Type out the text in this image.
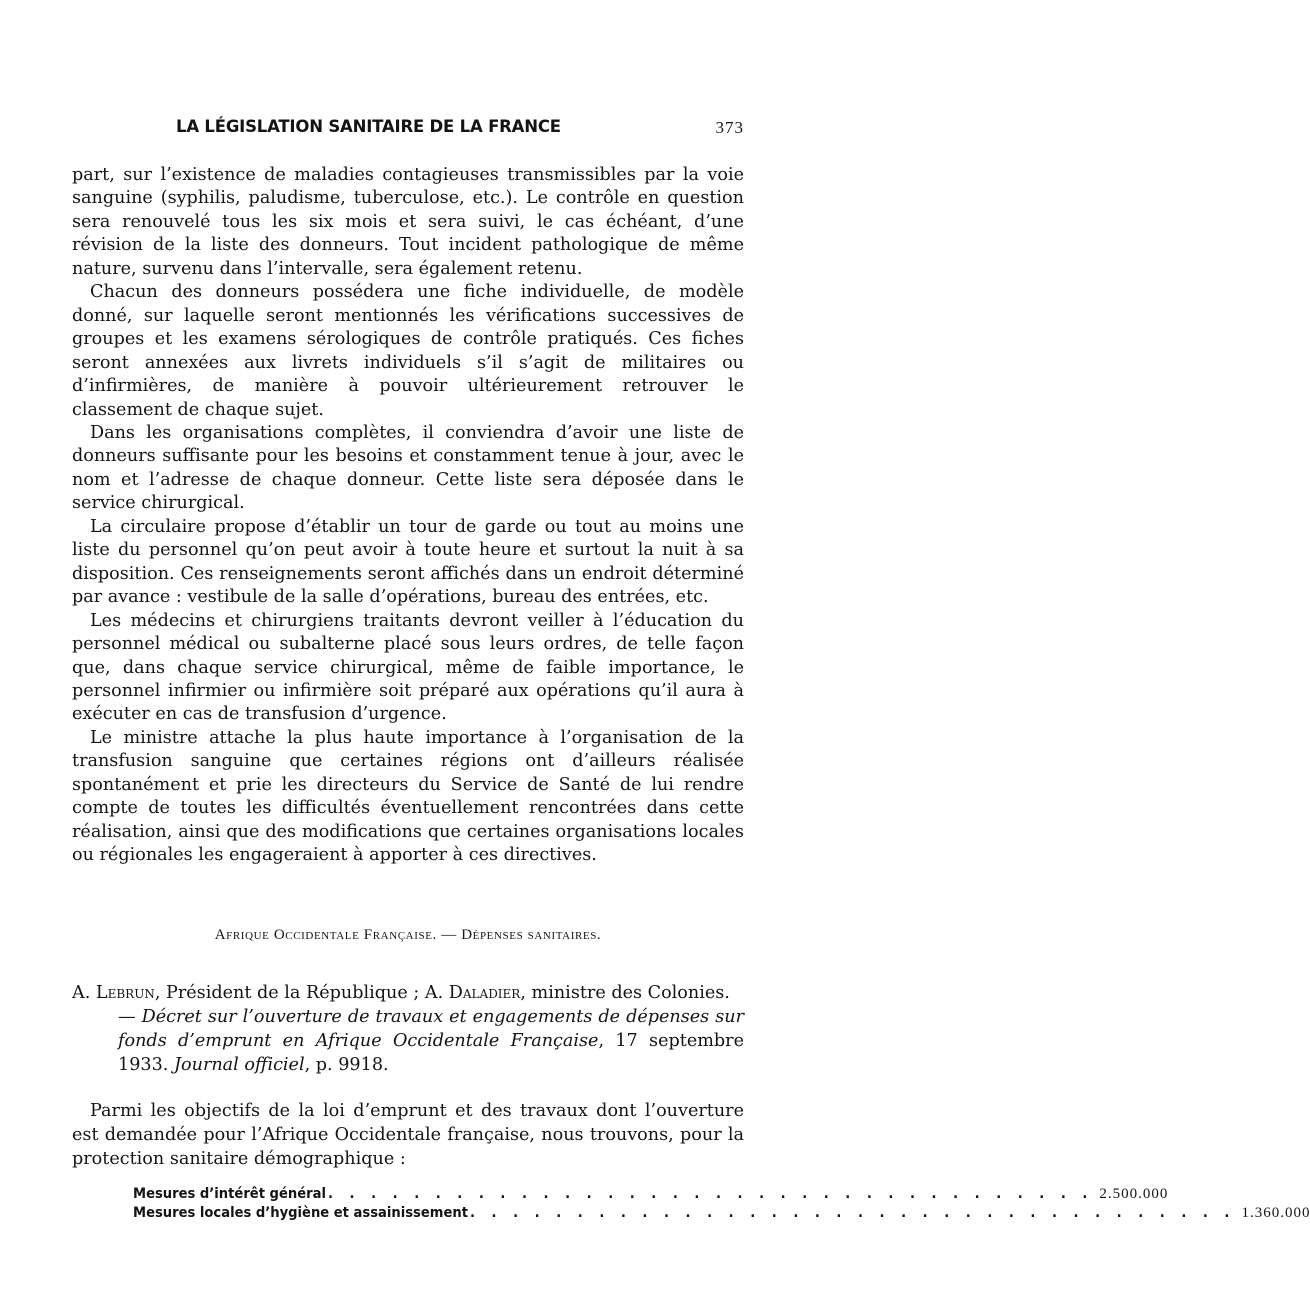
LA LÉGISLATION SANITAIRE DE LA FRANCE	373

part, sur l’existence de maladies contagieuses transmissibles par la voie sanguine (syphilis, paludisme, tuberculose, etc.). Le contrôle en question sera renouvelé tous les six mois et sera suivi, le cas échéant, d’une révision de la liste des donneurs. Tout incident pathologique de même nature, survenu dans l’intervalle, sera également retenu.

Chacun des donneurs possédera une fiche individuelle, de modèle donné, sur laquelle seront mentionnés les vérifications successives de groupes et les examens sérologiques de contrôle pratiqués. Ces fiches seront annexées aux livrets individuels s’il s’agit de militaires ou d’infirmières, de manière à pouvoir ultérieurement retrouver le classement de chaque sujet.

Dans les organisations complètes, il conviendra d’avoir une liste de donneurs suffisante pour les besoins et constamment tenue à jour, avec le nom et l’adresse de chaque donneur. Cette liste sera déposée dans le service chirurgical.

La circulaire propose d’établir un tour de garde ou tout au moins une liste du personnel qu’on peut avoir à toute heure et surtout la nuit à sa disposition. Ces renseignements seront affichés dans un endroit déterminé par avance : vestibule de la salle d’opérations, bureau des entrées, etc.

Les médecins et chirurgiens traitants devront veiller à l’éducation du personnel médical ou subalterne placé sous leurs ordres, de telle façon que, dans chaque service chirurgical, même de faible importance, le personnel infirmier ou infirmière soit préparé aux opérations qu’il aura à exécuter en cas de transfusion d’urgence.

Le ministre attache la plus haute importance à l’organisation de la transfusion sanguine que certaines régions ont d’ailleurs réalisée spontanément et prie les directeurs du Service de Santé de lui rendre compte de toutes les difficultés éventuellement rencontrées dans cette réalisation, ainsi que des modifications que certaines organisations locales ou régionales les engageraient à apporter à ces directives.

Afrique Occidentale Française. — Dépenses sanitaires.

A. Lebrun, Président de la République ; A. Daladier, ministre des Colonies.

— Décret sur l’ouverture de travaux et engagements de dépenses sur fonds d’emprunt en Afrique Occidentale Française, 17 septembre 1933. Journal officiel, p. 9918.

Parmi les objectifs de la loi d’emprunt et des travaux dont l’ouverture est demandée pour l’Afrique Occidentale française, nous trouvons, pour la protection sanitaire démographique :

Mesures d’intérêt général . . . . . . . . . . . . . . . . . . . . . . . . . . . . . . . . . . . . 2.500.000
Mesures locales d’hygiène et assainissement . . . . . . . . . . . . . . . . . . . . . . . . . . . . . . . . . . . . 1.360.000
